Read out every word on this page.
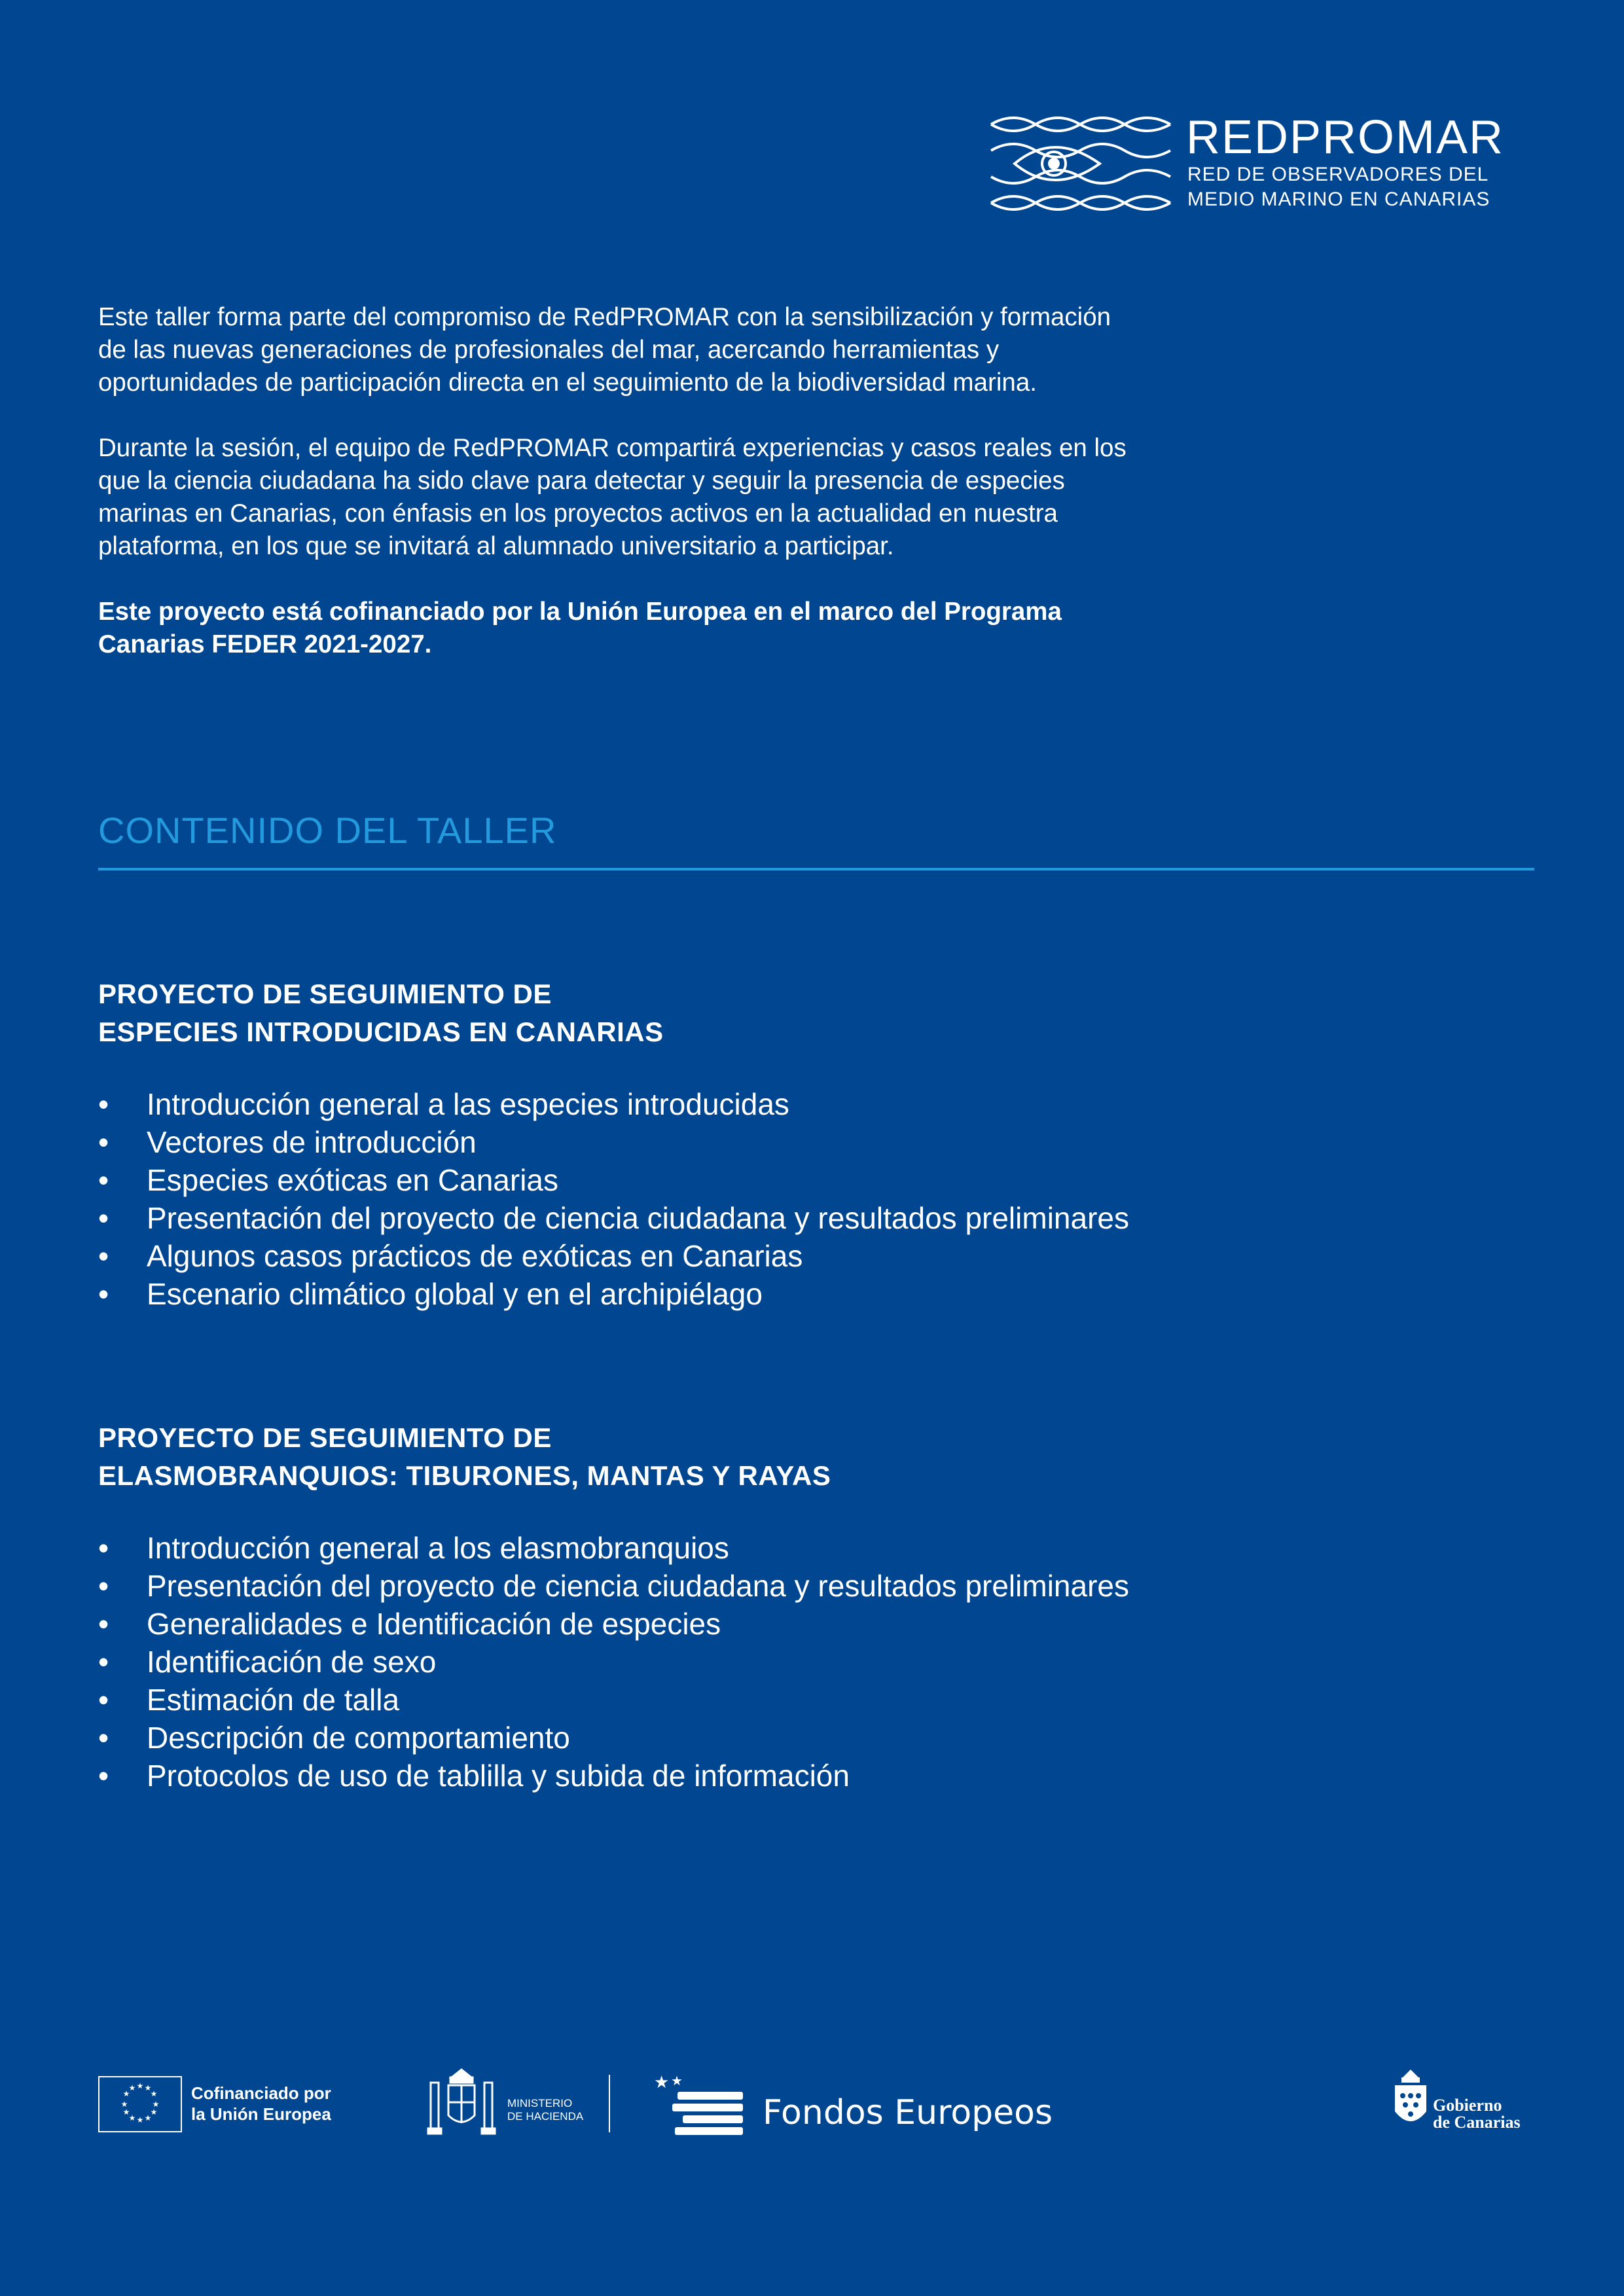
REDPROMAR
RED DE OBSERVADORES DEL
MEDIO MARINO EN CANARIAS

Este taller forma parte del compromiso de RedPROMAR con la sensibilización y formación de las nuevas generaciones de profesionales del mar, acercando herramientas y oportunidades de participación directa en el seguimiento de la biodiversidad marina.

Durante la sesión, el equipo de RedPROMAR compartirá experiencias y casos reales en los que la ciencia ciudadana ha sido clave para detectar y seguir la presencia de especies marinas en Canarias, con énfasis en los proyectos activos en la actualidad en nuestra plataforma, en los que se invitará al alumnado universitario a participar.

Este proyecto está cofinanciado por la Unión Europea en el marco del Programa Canarias FEDER 2021-2027.

CONTENIDO DEL TALLER
PROYECTO DE SEGUIMIENTO DE
ESPECIES INTRODUCIDAS EN CANARIAS
• Introducción general a las especies introducidas
• Vectores de introducción
• Especies exóticas en Canarias
• Presentación del proyecto de ciencia ciudadana y resultados preliminares
• Algunos casos prácticos de exóticas en Canarias
• Escenario climático global y en el archipiélago
PROYECTO DE SEGUIMIENTO DE
ELASMOBRANQUIOS: TIBURONES, MANTAS Y RAYAS
• Introducción general a los elasmobranquios
• Presentación del proyecto de ciencia ciudadana y resultados preliminares
• Generalidades e Identificación de especies
• Identificación de sexo
• Estimación de talla
• Descripción de comportamiento
• Protocolos de uso de tablilla y subida de información
★ ★
★
★
★
★
★
★
★
★
★
★	Cofinanciado por
la Unión Europea
MINISTERIO
DE HACIENDA
★ ★
Fondos Europeos	Gobierno
de Canarias
